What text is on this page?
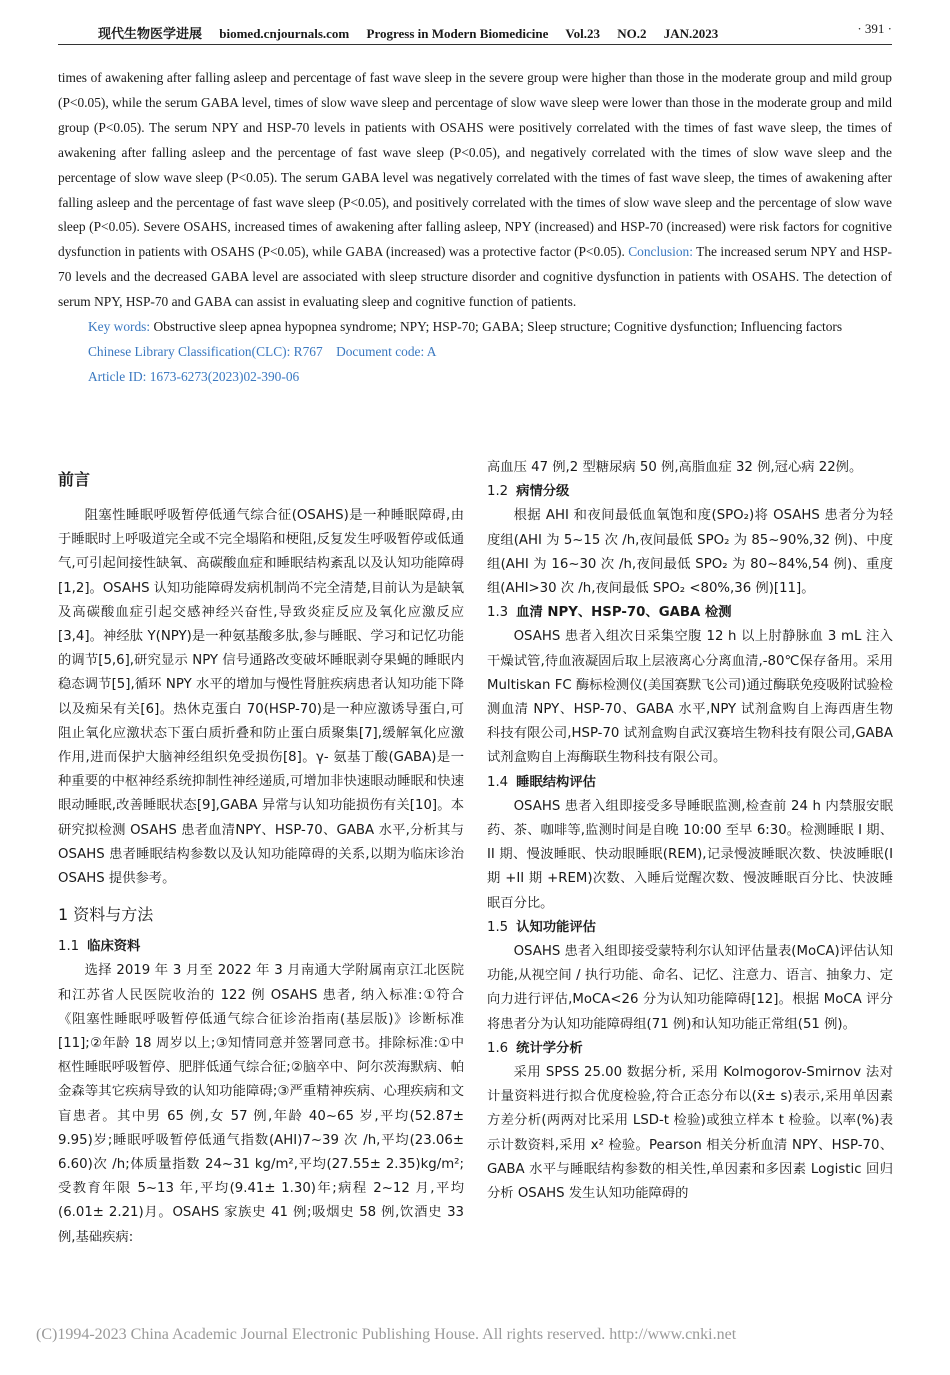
现代生物医学进展 biomed.cnjournals.com Progress in Modern Biomedicine Vol.23 NO.2 JAN.2023	· 391 ·

times of awakening after falling asleep and percentage of fast wave sleep in the severe group were higher than those in the moderate group and mild group (P<0.05), while the serum GABA level, times of slow wave sleep and percentage of slow wave sleep were lower than those in the moderate group and mild group (P<0.05). The serum NPY and HSP-70 levels in patients with OSAHS were positively correlated with the times of fast wave sleep, the times of awakening after falling asleep and the percentage of fast wave sleep (P<0.05), and negatively correlated with the times of slow wave sleep and the percentage of slow wave sleep (P<0.05). The serum GABA level was negatively correlated with the times of fast wave sleep, the times of awakening after falling asleep and the percentage of fast wave sleep (P<0.05), and positively correlated with the times of slow wave sleep and the percentage of slow wave sleep (P<0.05). Severe OSAHS, increased times of awakening after falling asleep, NPY (increased) and HSP-70 (increased) were risk factors for cognitive dysfunction in patients with OSAHS (P<0.05), while GABA (increased) was a protective factor (P<0.05). Conclusion: The increased serum NPY and HSP-70 levels and the decreased GABA level are associated with sleep structure disorder and cognitive dysfunction in patients with OSAHS. The detection of serum NPY, HSP-70 and GABA can assist in evaluating sleep and cognitive function of patients.

Key words: Obstructive sleep apnea hypopnea syndrome; NPY; HSP-70; GABA; Sleep structure; Cognitive dysfunction; Influencing factors

Chinese Library Classification(CLC): R767 Document code: A

Article ID: 1673-6273(2023)02-390-06

前言

阻塞性睡眠呼吸暂停低通气综合征(OSAHS)是一种睡眠障碍,由于睡眠时上呼吸道完全或不完全塌陷和梗阻,反复发生呼吸暂停或低通气,可引起间接性缺氧、高碳酸血症和睡眠结构紊乱以及认知功能障碍[1,2]。OSAHS 认知功能障碍发病机制尚不完全清楚,目前认为是缺氧及高碳酸血症引起交感神经兴奋性,导致炎症反应及氧化应激反应[3,4]。神经肽 Y(NPY)是一种氨基酸多肽,参与睡眠、学习和记忆功能的调节[5,6],研究显示 NPY 信号通路改变破坏睡眠剥夺果蝇的睡眠内稳态调节[5],循环 NPY 水平的增加与慢性肾脏疾病患者认知功能下降以及痴呆有关[6]。热休克蛋白 70(HSP-70)是一种应激诱导蛋白,可阻止氧化应激状态下蛋白质折叠和防止蛋白质聚集[7],缓解氧化应激作用,进而保护大脑神经组织免受损伤[8]。γ- 氨基丁酸(GABA)是一种重要的中枢神经系统抑制性神经递质,可增加非快速眼动睡眠和快速眼动睡眠,改善睡眠状态[9],GABA 异常与认知功能损伤有关[10]。本研究拟检测 OSAHS 患者血清NPY、HSP-70、GABA 水平,分析其与 OSAHS 患者睡眠结构参数以及认知功能障碍的关系,以期为临床诊治 OSAHS 提供参考。

1 资料与方法

1.1 临床资料

选择 2019 年 3 月至 2022 年 3 月南通大学附属南京江北医院和江苏省人民医院收治的 122 例 OSAHS 患者, 纳入标准:①符合《阻塞性睡眠呼吸暂停低通气综合征诊治指南(基层版)》诊断标准[11];②年龄 18 周岁以上;③知情同意并签署同意书。排除标准:①中枢性睡眠呼吸暂停、肥胖低通气综合征;②脑卒中、阿尔茨海默病、帕金森等其它疾病导致的认知功能障碍;③严重精神疾病、心理疾病和文盲患者。其中男 65 例,女 57 例,年龄 40~65 岁,平均(52.87± 9.95)岁;睡眠呼吸暂停低通气指数(AHI)7~39 次 /h,平均(23.06± 6.60)次 /h;体质量指数 24~31 kg/m²,平均(27.55± 2.35)kg/m²;受教育年限 5~13 年,平均(9.41± 1.30)年;病程 2~12 月,平均(6.01± 2.21)月。OSAHS 家族史 41 例;吸烟史 58 例,饮酒史 33 例,基础疾病:

高血压 47 例,2 型糖尿病 50 例,高脂血症 32 例,冠心病 22例。

1.2 病情分级

根据 AHI 和夜间最低血氧饱和度(SPO₂)将 OSAHS 患者分为轻度组(AHI 为 5~15 次 /h,夜间最低 SPO₂ 为 85~90%,32 例)、中度组(AHI 为 16~30 次 /h,夜间最低 SPO₂ 为 80~84%,54 例)、重度组(AHI>30 次 /h,夜间最低 SPO₂ <80%,36 例)[11]。

1.3 血清 NPY、HSP-70、GABA 检测

OSAHS 患者入组次日采集空腹 12 h 以上肘静脉血 3 mL 注入干燥试管,待血液凝固后取上层液离心分离血清,-80℃保存备用。采用 Multiskan FC 酶标检测仪(美国赛默飞公司)通过酶联免疫吸附试验检测血清 NPY、HSP-70、GABA 水平,NPY 试剂盒购自上海西唐生物科技有限公司,HSP-70 试剂盒购自武汉赛培生物科技有限公司,GABA 试剂盒购自上海酶联生物科技有限公司。

1.4 睡眠结构评估

OSAHS 患者入组即接受多导睡眠监测,检查前 24 h 内禁服安眠药、茶、咖啡等,监测时间是自晚 10:00 至早 6:30。检测睡眠 I 期、II 期、慢波睡眠、快动眼睡眠(REM),记录慢波睡眠次数、快波睡眠(I 期 +II 期 +REM)次数、入睡后觉醒次数、慢波睡眠百分比、快波睡眠百分比。

1.5 认知功能评估

OSAHS 患者入组即接受蒙特利尔认知评估量表(MoCA)评估认知功能,从视空间 / 执行功能、命名、记忆、注意力、语言、抽象力、定向力进行评估,MoCA<26 分为认知功能障碍[12]。根据 MoCA 评分将患者分为认知功能障碍组(71 例)和认知功能正常组(51 例)。

1.6 统计学分析

采用 SPSS 25.00 数据分析, 采用 Kolmogorov-Smirnov 法对计量资料进行拟合优度检验,符合正态分布以(x̄± s)表示,采用单因素方差分析(两两对比采用 LSD-t 检验)或独立样本 t 检验。以率(%)表示计数资料,采用 x² 检验。Pearson 相关分析血清 NPY、HSP-70、GABA 水平与睡眠结构参数的相关性,单因素和多因素 Logistic 回归分析 OSAHS 发生认知功能障碍的

(C)1994-2023 China Academic Journal Electronic Publishing House. All rights reserved. http://www.cnki.net
